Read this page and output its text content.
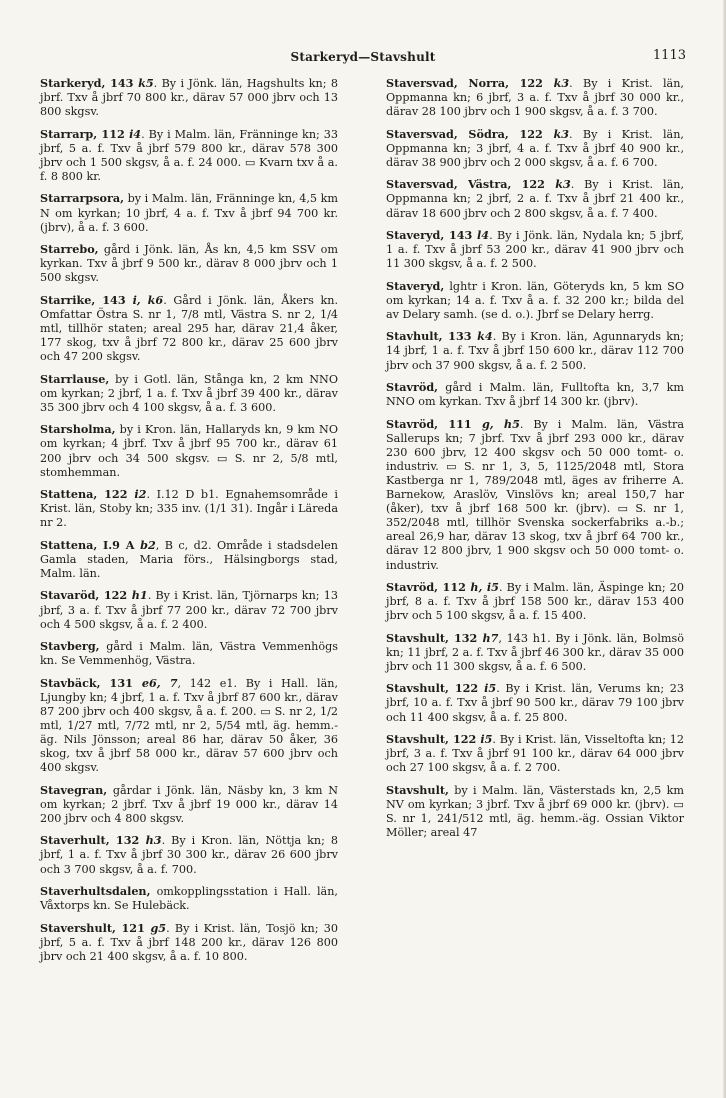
Starkeryd—Stavshult	1113

Starkeryd, 143 k5. By i Jönk. län, Hagshults kn; 8 jbrf. Txv å jbrf 70 800 kr., därav 57 000 jbrv och 13 800 skgsv.

Starrarp, 112 i4. By i Malm. län, Fränninge kn; 33 jbrf, 5 a. f. Txv å jbrf 579 800 kr., därav 578 300 jbrv och 1 500 skgsv, å a. f. 24 000. ▭ Kvarn txv å a. f. 8 800 kr.

Starrarpsora, by i Malm. län, Fränninge kn, 4,5 km N om kyrkan; 10 jbrf, 4 a. f. Txv å jbrf 94 700 kr. (jbrv), å a. f. 3 600.

Starrebo, gård i Jönk. län, Ås kn, 4,5 km SSV om kyrkan. Txv å jbrf 9 500 kr., därav 8 000 jbrv och 1 500 skgsv.

Starrike, 143 i, k6. Gård i Jönk. län, Åkers kn. Omfattar Östra S. nr 1, 7/8 mtl, Västra S. nr 2, 1/4 mtl, tillhör staten; areal 295 har, därav 21,4 åker, 177 skog, txv å jbrf 72 800 kr., därav 25 600 jbrv och 47 200 skgsv.

Starrlause, by i Gotl. län, Stånga kn, 2 km NNO om kyrkan; 2 jbrf, 1 a. f. Txv å jbrf 39 400 kr., därav 35 300 jbrv och 4 100 skgsv, å a. f. 3 600.

Starsholma, by i Kron. län, Hallaryds kn, 9 km NO om kyrkan; 4 jbrf. Txv å jbrf 95 700 kr., därav 61 200 jbrv och 34 500 skgsv. ▭ S. nr 2, 5/8 mtl, stomhemman.

Stattena, 122 i2. I.12 D b1. Egnahemsområde i Krist. län, Stoby kn; 335 inv. (1/1 31). Ingår i Läreda nr 2.

Stattena, I.9 A b2, B c, d2. Område i stadsdelen Gamla staden, Maria förs., Hälsingborgs stad, Malm. län.

Stavaröd, 122 h1. By i Krist. län, Tjörnarps kn; 13 jbrf, 3 a. f. Txv å jbrf 77 200 kr., därav 72 700 jbrv och 4 500 skgsv, å a. f. 2 400.

Stavberg, gård i Malm. län, Västra Vemmenhögs kn. Se Vemmenhög, Västra.

Stavbäck, 131 e6, 7, 142 e1. By i Hall. län, Ljungby kn; 4 jbrf, 1 a. f. Txv å jbrf 87 600 kr., därav 87 200 jbrv och 400 skgsv, å a. f. 200. ▭ S. nr 2, 1/2 mtl, 1/27 mtl, 7/72 mtl, nr 2, 5/54 mtl, äg. hemm.-äg. Nils Jönsson; areal 86 har, därav 50 åker, 36 skog, txv å jbrf 58 000 kr., därav 57 600 jbrv och 400 skgsv.

Stavegran, gårdar i Jönk. län, Näsby kn, 3 km N om kyrkan; 2 jbrf. Txv å jbrf 19 000 kr., därav 14 200 jbrv och 4 800 skgsv.

Staverhult, 132 h3. By i Kron. län, Nöttja kn; 8 jbrf, 1 a. f. Txv å jbrf 30 300 kr., därav 26 600 jbrv och 3 700 skgsv, å a. f. 700.

Staverhultsdalen, omkopplingsstation i Hall. län, Våxtorps kn. Se Hulebäck.

Stavershult, 121 g5. By i Krist. län, Tosjö kn; 30 jbrf, 5 a. f. Txv å jbrf 148 200 kr., därav 126 800 jbrv och 21 400 skgsv, å a. f. 10 800.

Staversvad, Norra, 122 k3. By i Krist. län, Oppmanna kn; 6 jbrf, 3 a. f. Txv å jbrf 30 000 kr., därav 28 100 jbrv och 1 900 skgsv, å a. f. 3 700.

Staversvad, Södra, 122 k3. By i Krist. län, Oppmanna kn; 3 jbrf, 4 a. f. Txv å jbrf 40 900 kr., därav 38 900 jbrv och 2 000 skgsv, å a. f. 6 700.

Staversvad, Västra, 122 k3. By i Krist. län, Oppmanna kn; 2 jbrf, 2 a. f. Txv å jbrf 21 400 kr., därav 18 600 jbrv och 2 800 skgsv, å a. f. 7 400.

Staveryd, 143 l4. By i Jönk. län, Nydala kn; 5 jbrf, 1 a. f. Txv å jbrf 53 200 kr., därav 41 900 jbrv och 11 300 skgsv, å a. f. 2 500.

Staveryd, lghtr i Kron. län, Göteryds kn, 5 km SO om kyrkan; 14 a. f. Txv å a. f. 32 200 kr.; bilda del av Delary samh. (se d. o.). Jbrf se Delary herrg.

Stavhult, 133 k4. By i Kron. län, Agunnaryds kn; 14 jbrf, 1 a. f. Txv å jbrf 150 600 kr., därav 112 700 jbrv och 37 900 skgsv, å a. f. 2 500.

Stavröd, gård i Malm. län, Fulltofta kn, 3,7 km NNO om kyrkan. Txv å jbrf 14 300 kr. (jbrv).

Stavröd, 111 g, h5. By i Malm. län, Västra Sallerups kn; 7 jbrf. Txv å jbrf 293 000 kr., därav 230 600 jbrv, 12 400 skgsv och 50 000 tomt- o. industriv. ▭ S. nr 1, 3, 5, 1125/2048 mtl, Stora Kastberga nr 1, 789/2048 mtl, äges av friherre A. Barnekow, Araslöv, Vinslövs kn; areal 150,7 har (åker), txv å jbrf 168 500 kr. (jbrv). ▭ S. nr 1, 352/2048 mtl, tillhör Svenska sockerfabriks a.-b.; areal 26,9 har, därav 13 skog, txv å jbrf 64 700 kr., därav 12 800 jbrv, 1 900 skgsv och 50 000 tomt- o. industriv.

Stavröd, 112 h, i5. By i Malm. län, Äspinge kn; 20 jbrf, 8 a. f. Txv å jbrf 158 500 kr., därav 153 400 jbrv och 5 100 skgsv, å a. f. 15 400.

Stavshult, 132 h7, 143 h1. By i Jönk. län, Bolmsö kn; 11 jbrf, 2 a. f. Txv å jbrf 46 300 kr., därav 35 000 jbrv och 11 300 skgsv, å a. f. 6 500.

Stavshult, 122 i5. By i Krist. län, Verums kn; 23 jbrf, 10 a. f. Txv å jbrf 90 500 kr., därav 79 100 jbrv och 11 400 skgsv, å a. f. 25 800.

Stavshult, 122 i5. By i Krist. län, Visseltofta kn; 12 jbrf, 3 a. f. Txv å jbrf 91 100 kr., därav 64 000 jbrv och 27 100 skgsv, å a. f. 2 700.

Stavshult, by i Malm. län, Västerstads kn, 2,5 km NV om kyrkan; 3 jbrf. Txv å jbrf 69 000 kr. (jbrv). ▭ S. nr 1, 241/512 mtl, äg. hemm.-äg. Ossian Viktor Möller; areal 47
